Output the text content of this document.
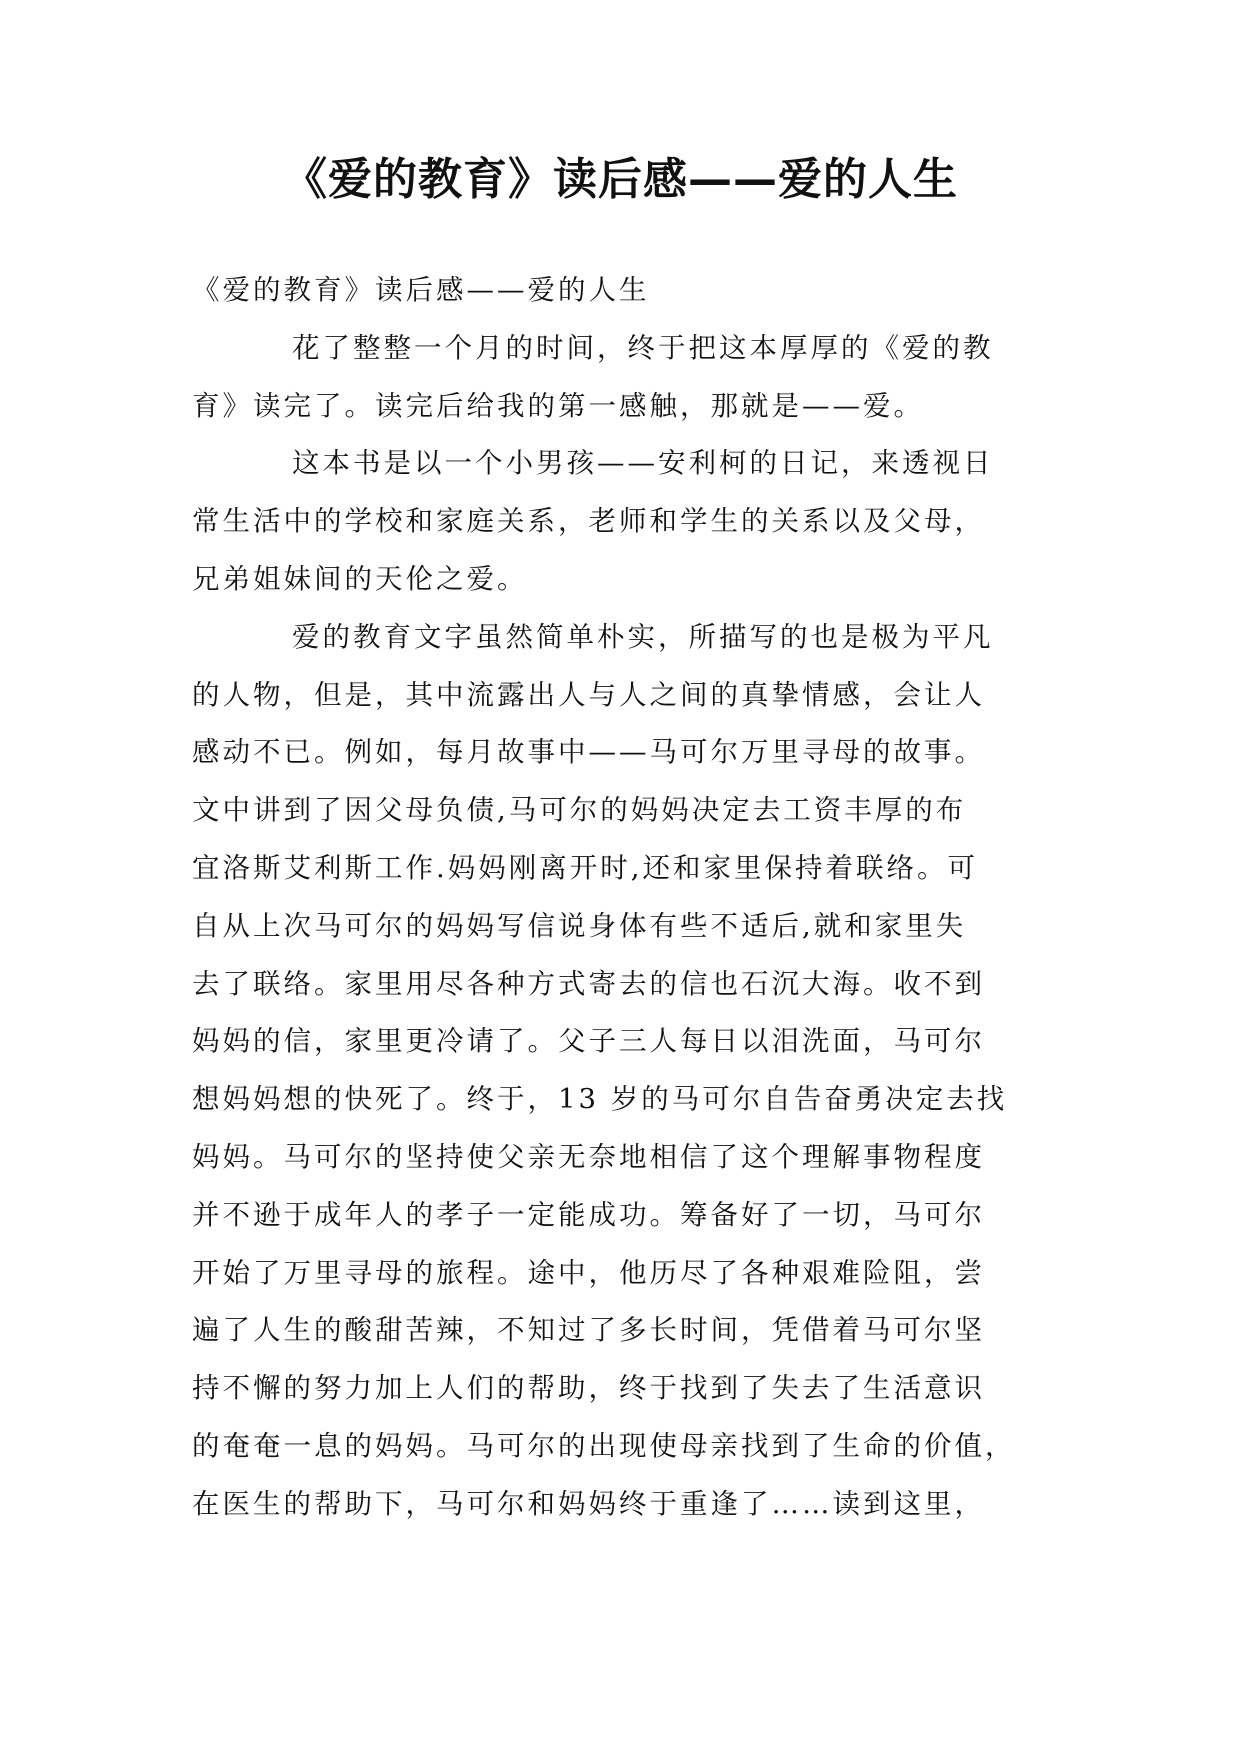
《爱的教育》读后感——爱的人生
《爱的教育》读后感——爱的人生
花了整整一个月的时间，终于把这本厚厚的《爱的教
育》读完了。读完后给我的第一感触，那就是——爱。
这本书是以一个小男孩——安利柯的日记，来透视日
常生活中的学校和家庭关系，老师和学生的关系以及父母，
兄弟姐妹间的天伦之爱。
爱的教育文字虽然简单朴实，所描写的也是极为平凡
的人物，但是，其中流露出人与人之间的真挚情感，会让人
感动不已。例如，每月故事中——马可尔万里寻母的故事。
文中讲到了因父母负债,马可尔的妈妈决定去工资丰厚的布
宜洛斯艾利斯工作.妈妈刚离开时,还和家里保持着联络。可
自从上次马可尔的妈妈写信说身体有些不适后,就和家里失
去了联络。家里用尽各种方式寄去的信也石沉大海。收不到
妈妈的信，家里更冷请了。父子三人每日以泪洗面，马可尔
想妈妈想的快死了。终于，13 岁的马可尔自告奋勇决定去找
妈妈。马可尔的坚持使父亲无奈地相信了这个理解事物程度
并不逊于成年人的孝子一定能成功。筹备好了一切，马可尔
开始了万里寻母的旅程。途中，他历尽了各种艰难险阻，尝
遍了人生的酸甜苦辣，不知过了多长时间，凭借着马可尔坚
持不懈的努力加上人们的帮助，终于找到了失去了生活意识
的奄奄一息的妈妈。马可尔的出现使母亲找到了生命的价值，
在医生的帮助下，马可尔和妈妈终于重逢了……读到这里，
